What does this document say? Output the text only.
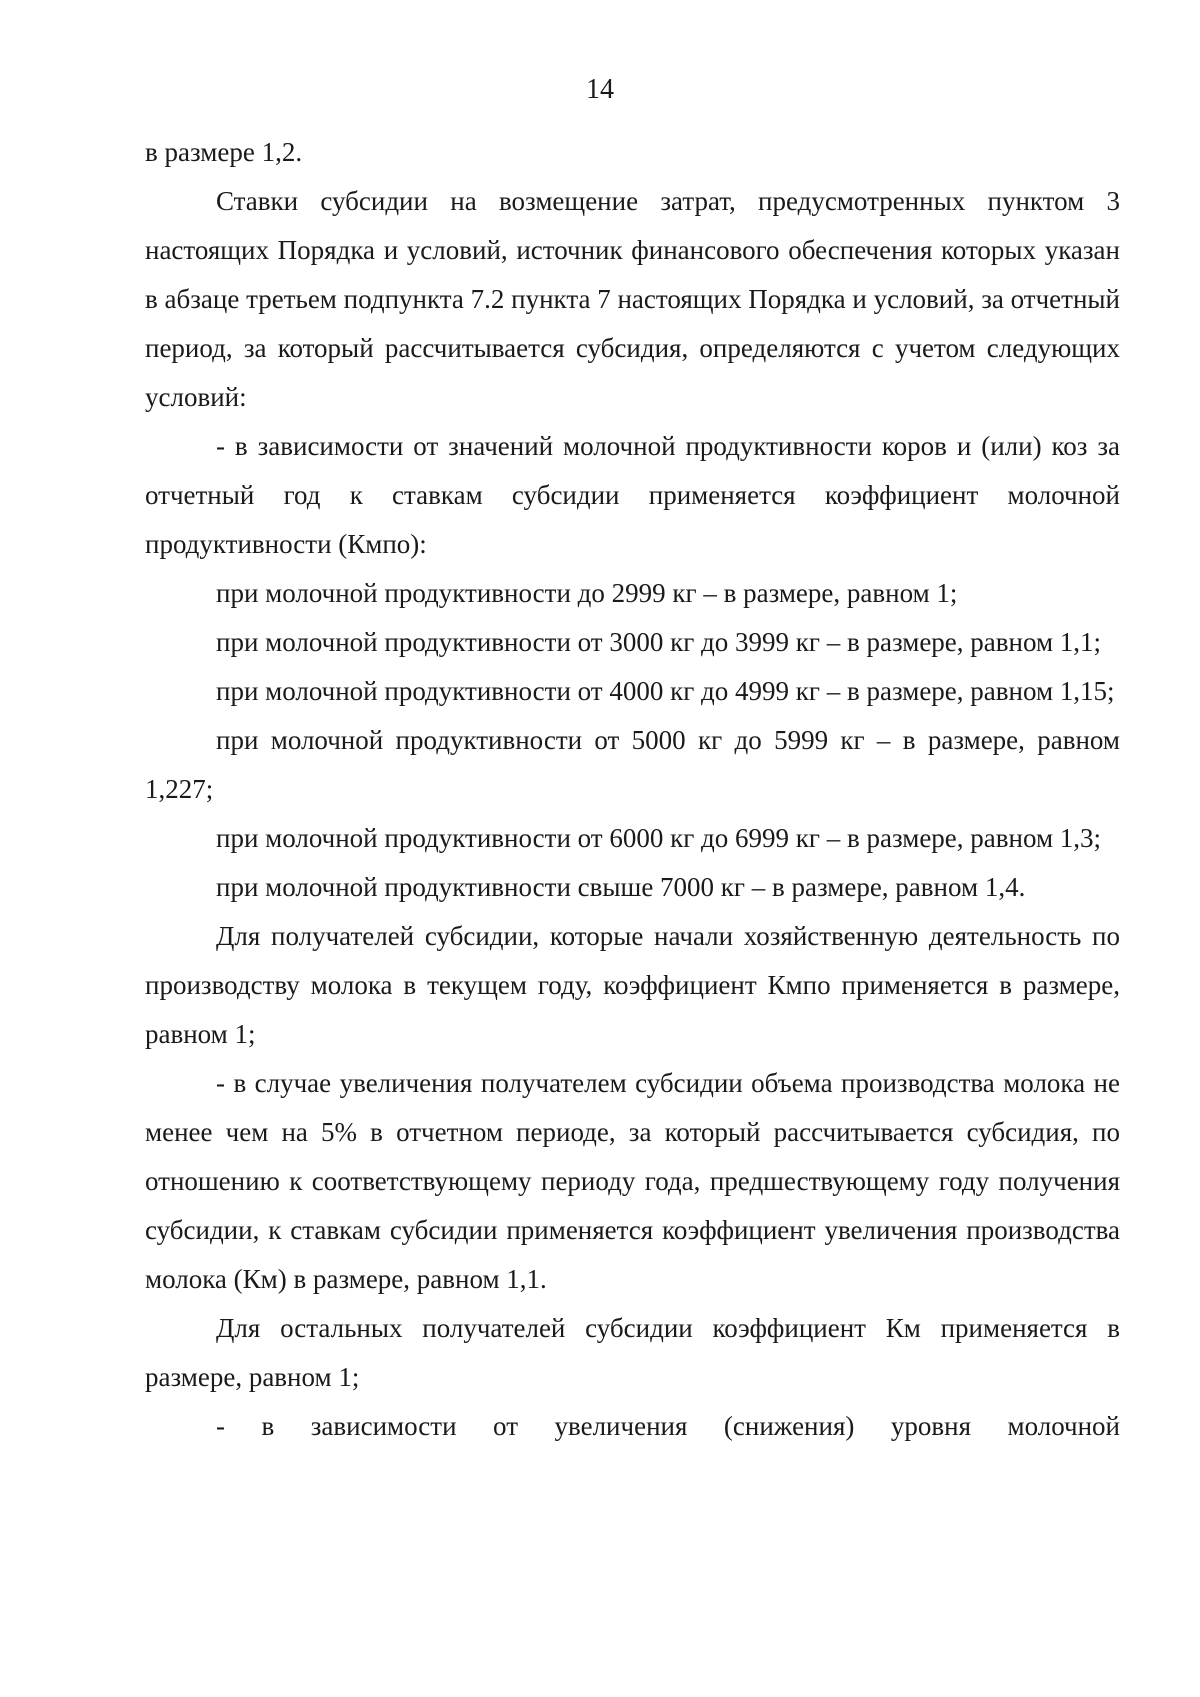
14

в размере 1,2.

Ставки субсидии на возмещение затрат, предусмотренных пунктом 3 настоящих Порядка и условий, источник финансового обеспечения которых указан в абзаце третьем подпункта 7.2 пункта 7 настоящих Порядка и условий, за отчетный период, за который рассчитывается субсидия, определяются с учетом следующих условий:

- в зависимости от значений молочной продуктивности коров и (или) коз за отчетный год к ставкам субсидии применяется коэффициент молочной продуктивности (Кмпо):

при молочной продуктивности до 2999 кг – в размере, равном 1;

при молочной продуктивности от 3000 кг до 3999 кг – в размере, равном 1,1;

при молочной продуктивности от 4000 кг до 4999 кг – в размере, равном 1,15;

при молочной продуктивности от 5000 кг до 5999 кг – в размере, равном 1,227;

при молочной продуктивности от 6000 кг до 6999 кг – в размере, равном 1,3;

при молочной продуктивности свыше 7000 кг – в размере, равном 1,4.

Для получателей субсидии, которые начали хозяйственную деятельность по производству молока в текущем году, коэффициент Кмпо применяется в размере, равном 1;

- в случае увеличения получателем субсидии объема производства молока не менее чем на 5% в отчетном периоде, за который рассчитывается субсидия, по отношению к соответствующему периоду года, предшествующему году получения субсидии, к ставкам субсидии применяется коэффициент увеличения производства молока (Км) в размере, равном 1,1.

Для остальных получателей субсидии коэффициент Км применяется в размере, равном 1;

- в зависимости от увеличения (снижения) уровня молочной
